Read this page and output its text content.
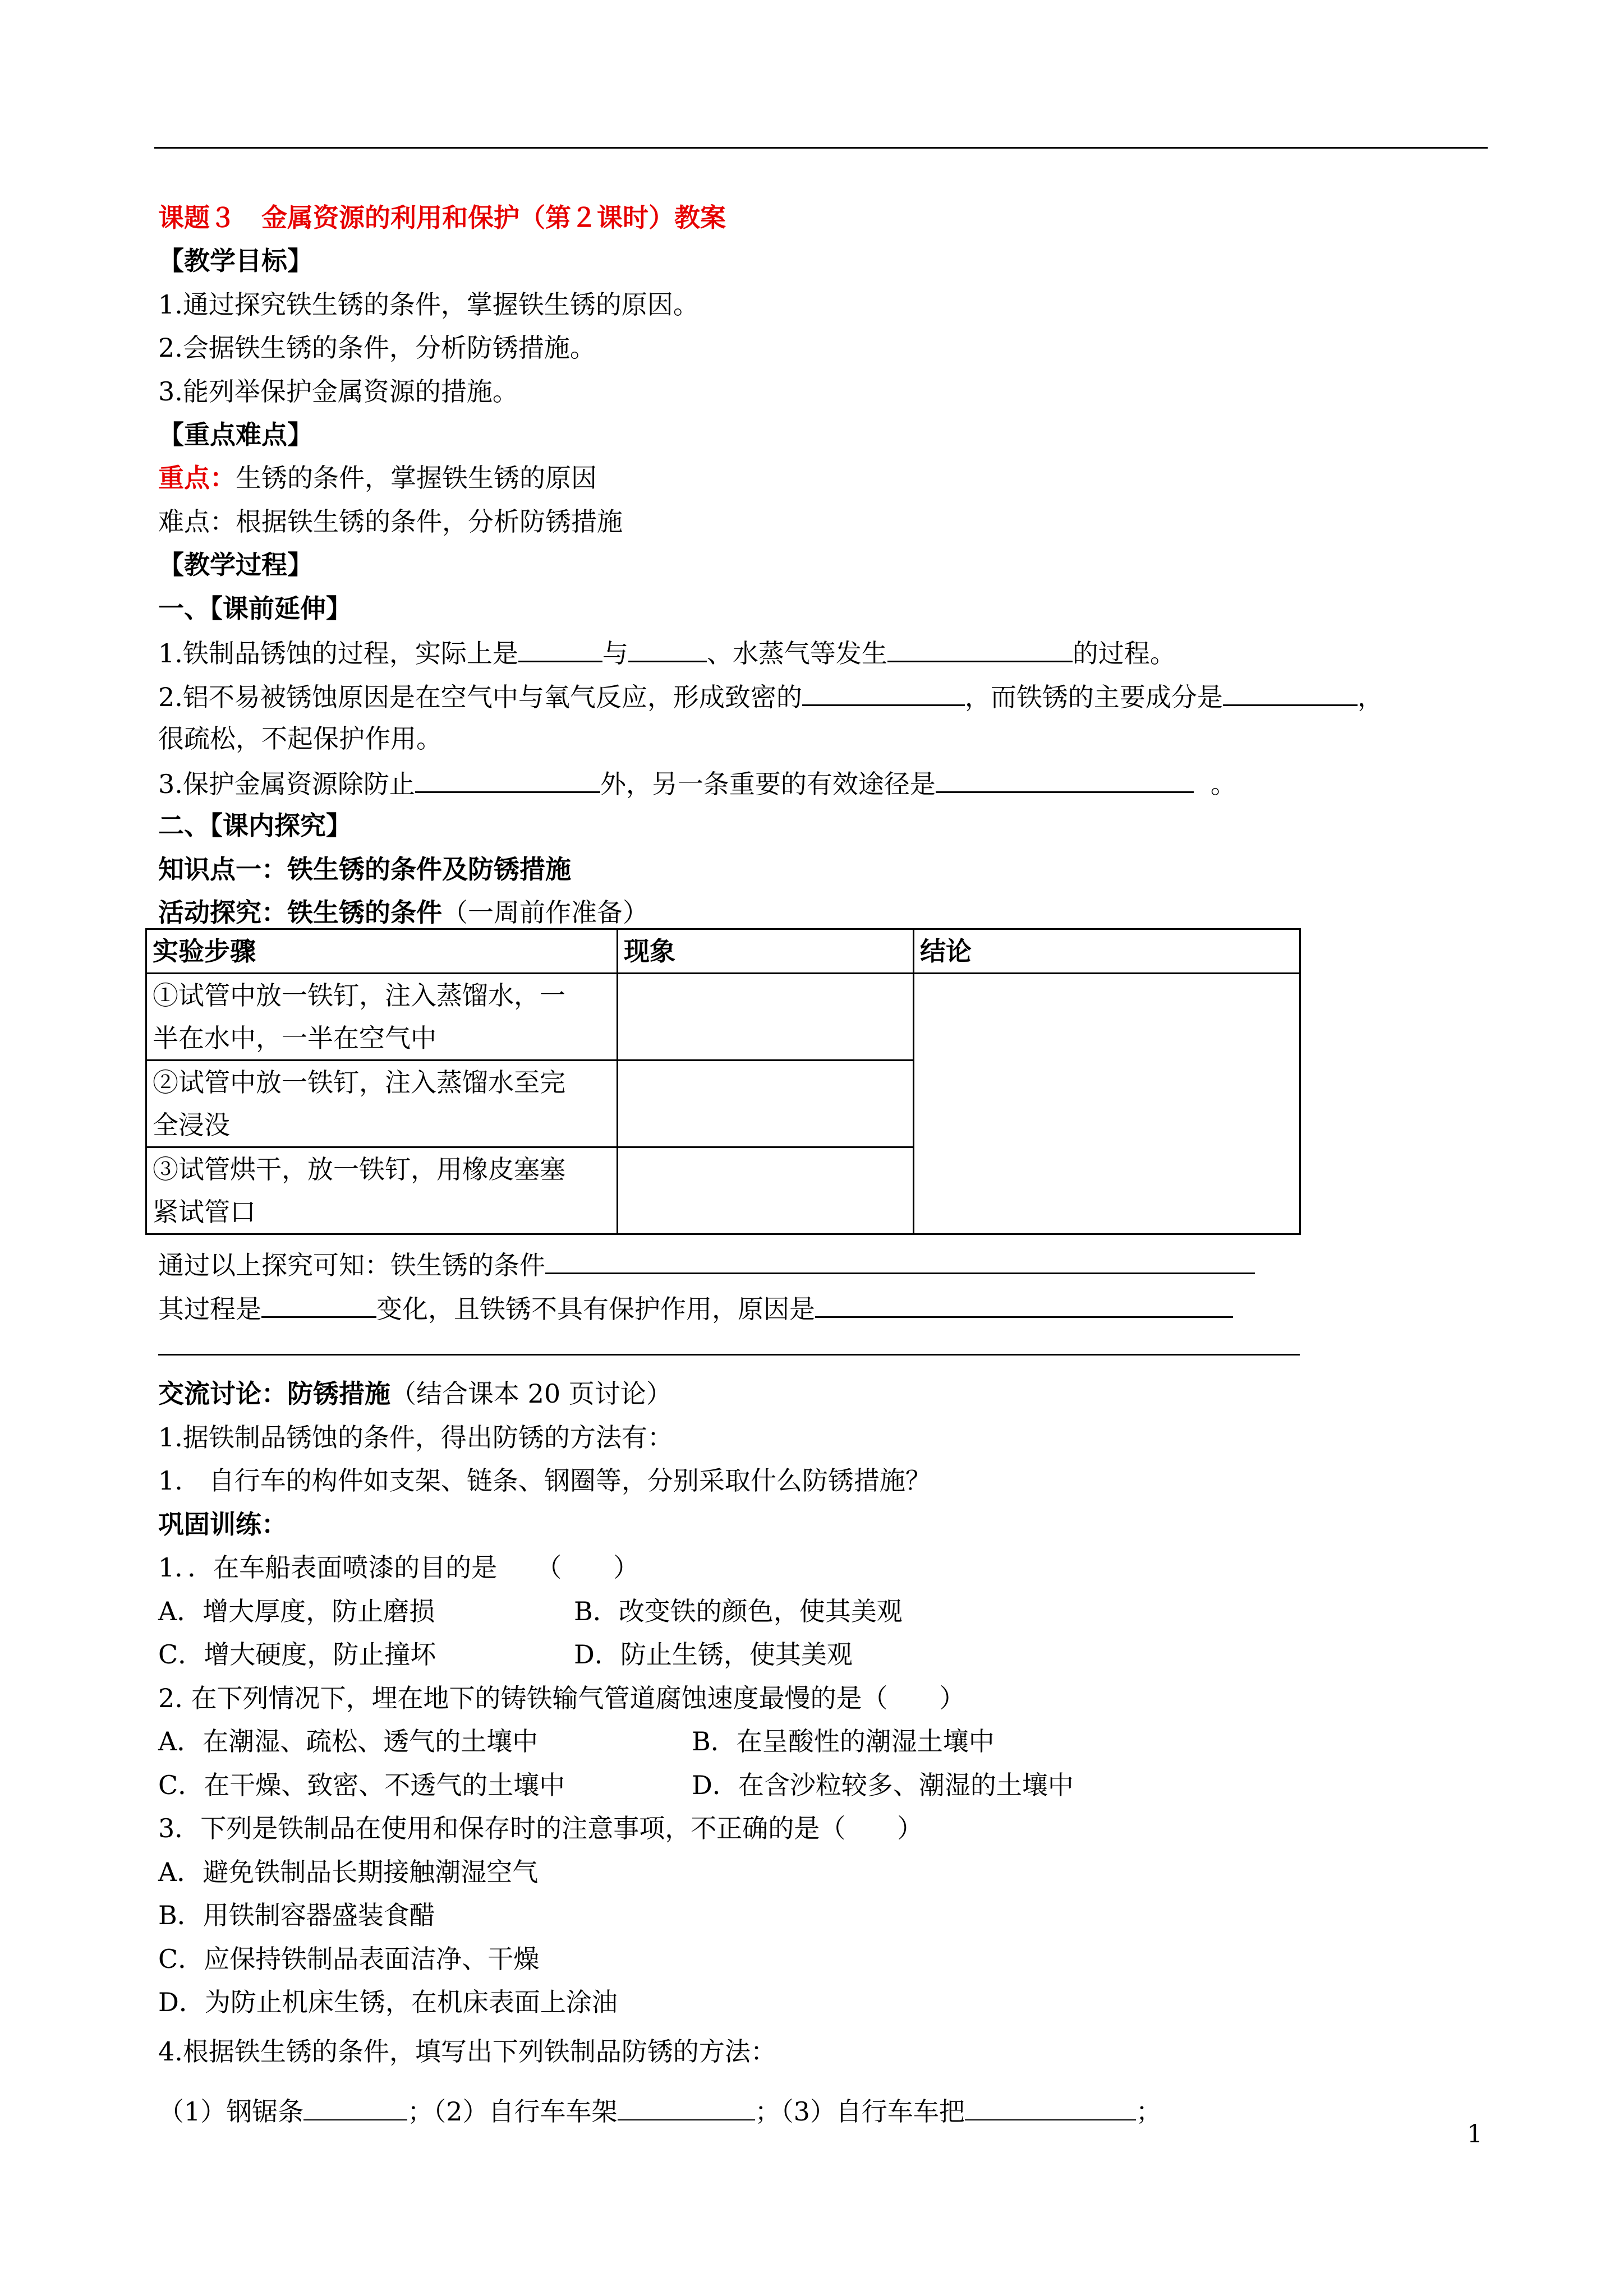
课题３　金属资源的利用和保护（第２课时）教案
【教学目标】
1.通过探究铁生锈的条件，掌握铁生锈的原因。
2.会据铁生锈的条件，分析防锈措施。
3.能列举保护金属资源的措施。
【重点难点】
重点：生锈的条件，掌握铁生锈的原因
难点：根据铁生锈的条件，分析防锈措施
【教学过程】
一、【课前延伸】
1.铁制品锈蚀的过程，实际上是	与	、水蒸气等发生	的过程。
2.铝不易被锈蚀原因是在空气中与氧气反应，形成致密的	，而铁锈的主要成分是	，
很疏松，不起保护作用。
3.保护金属资源除防止	外，另一条重要的有效途径是	。
二、【课内探究】
知识点一：铁生锈的条件及防锈措施
活动探究：铁生锈的条件（一周前作准备）
实验步骤	现象	结论

①试管中放一铁钉，注入蒸馏水，一
半在水中，一半在空气中		

②试管中放一铁钉，注入蒸馏水至完
全浸没		

③试管烘干，放一铁钉，用橡皮塞塞
紧试管口		

通过以上探究可知：铁生锈的条件
其过程是	变化，且铁锈不具有保护作用，原因是
交流讨论：防锈措施（结合课本 20 页讨论）
1.据铁制品锈蚀的条件，得出防锈的方法有：
1.　自行车的构件如支架、链条、钢圈等，分别采取什么防锈措施？
巩固训练：
1．．在车船表面喷漆的目的是　　（　　）
A．增大厚度，防止磨损	B．改变铁的颜色，使其美观
C．增大硬度，防止撞坏	D．防止生锈，使其美观
2. 在下列情况下，埋在地下的铸铁输气管道腐蚀速度最慢的是（　　）
A．在潮湿、疏松、透气的土壤中	B．在呈酸性的潮湿土壤中
C．在干燥、致密、不透气的土壤中	D．在含沙粒较多、潮湿的土壤中
3．下列是铁制品在使用和保存时的注意事项，不正确的是（　　）
A．避免铁制品长期接触潮湿空气
B．用铁制容器盛装食醋
C．应保持铁制品表面洁净、干燥
D．为防止机床生锈，在机床表面上涂油
4.根据铁生锈的条件，填写出下列铁制品防锈的方法：
（1）钢锯条	；（2）自行车车架	；（3）自行车车把	；
1
